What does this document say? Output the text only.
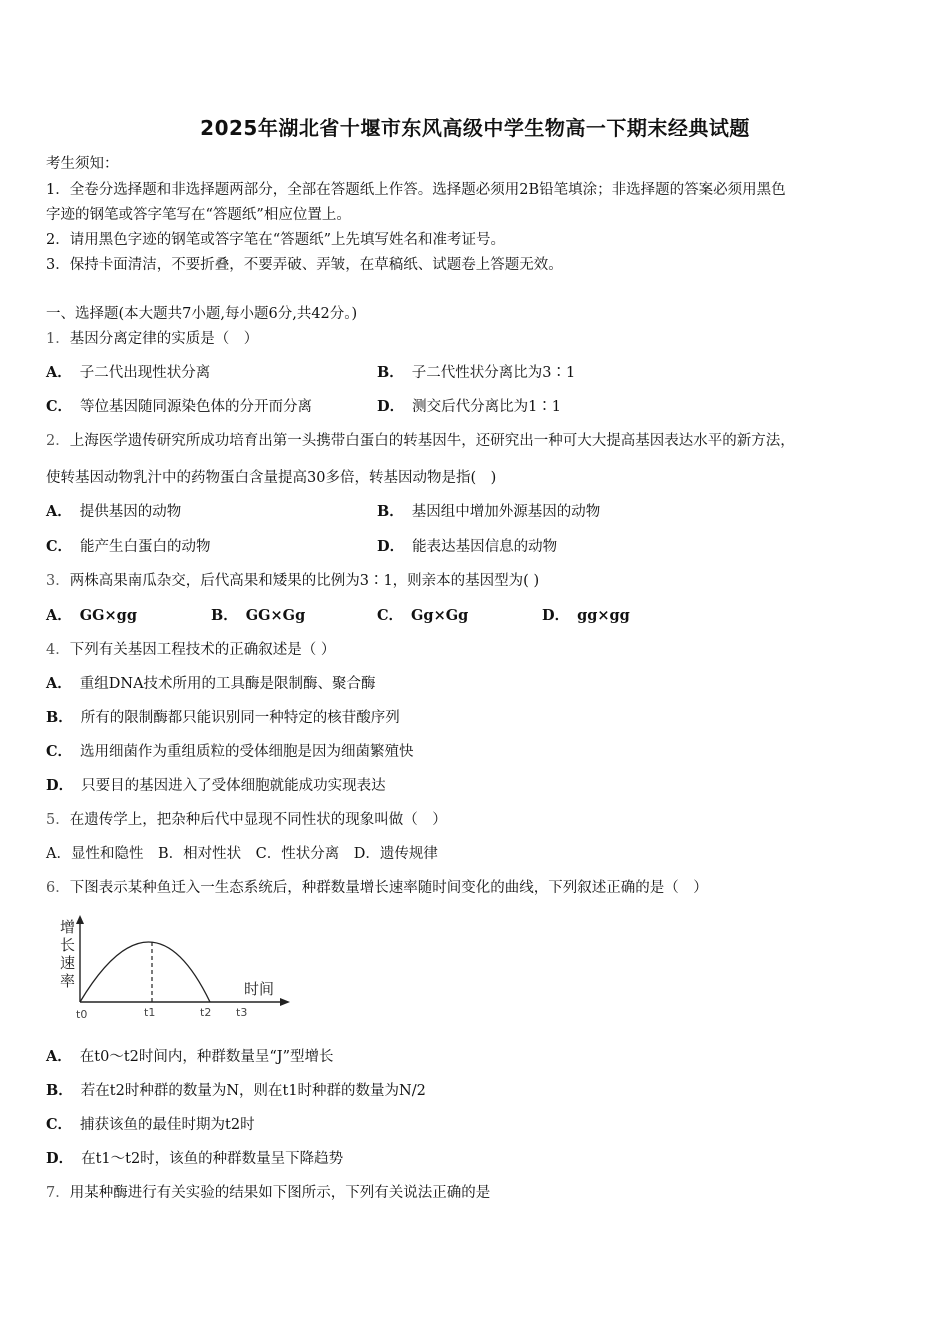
2025年湖北省十堰市东风高级中学生物高一下期末经典试题
考生须知：
1．全卷分选择题和非选择题两部分，全部在答题纸上作答。选择题必须用2B铅笔填涂；非选择题的答案必须用黑色
字迹的钢笔或答字笔写在“答题纸”相应位置上。
2．请用黑色字迹的钢笔或答字笔在“答题纸”上先填写姓名和准考证号。
3．保持卡面清洁，不要折叠，不要弄破、弄皱，在草稿纸、试题卷上答题无效。
一、选择题(本大题共7小题,每小题6分,共42分。)
1．基因分离定律的实质是（　）
A． 子二代出现性状分离	B． 子二代性状分离比为3∶1
C． 等位基因随同源染色体的分开而分离	D． 测交后代分离比为1∶1
2．上海医学遗传研究所成功培育出第一头携带白蛋白的转基因牛，还研究出一种可大大提高基因表达水平的新方法，
使转基因动物乳汁中的药物蛋白含量提高30多倍，转基因动物是指(　)
A． 提供基因的动物	B． 基因组中增加外源基因的动物
C． 能产生白蛋白的动物	D． 能表达基因信息的动物
3．两株高果南瓜杂交，后代高果和矮果的比例为3∶1，则亲本的基因型为( )
A． GG×gg	B． GG×Gg	C． Gg×Gg	D． gg×gg
4．下列有关基因工程技术的正确叙述是（ ）
A． 重组DNA技术所用的工具酶是限制酶、聚合酶
B． 所有的限制酶都只能识别同一种特定的核苷酸序列
C． 选用细菌作为重组质粒的受体细胞是因为细菌繁殖快
D． 只要目的基因进入了受体细胞就能成功实现表达
5．在遗传学上，把杂种后代中显现不同性状的现象叫做（　）
A．显性和隐性　B．相对性状　C．性状分离　D．遗传规律
6．下图表示某种鱼迁入一生态系统后，种群数量增长速率随时间变化的曲线，下列叙述正确的是（　）
增
长
速
率	时间
t0	t1	t2 t3
A． 在t0～t2时间内，种群数量呈“J”型增长
B． 若在t2时种群的数量为N，则在t1时种群的数量为N/2
C． 捕获该鱼的最佳时期为t2时
D． 在t1～t2时，该鱼的种群数量呈下降趋势
7．用某种酶进行有关实验的结果如下图所示，下列有关说法正确的是
